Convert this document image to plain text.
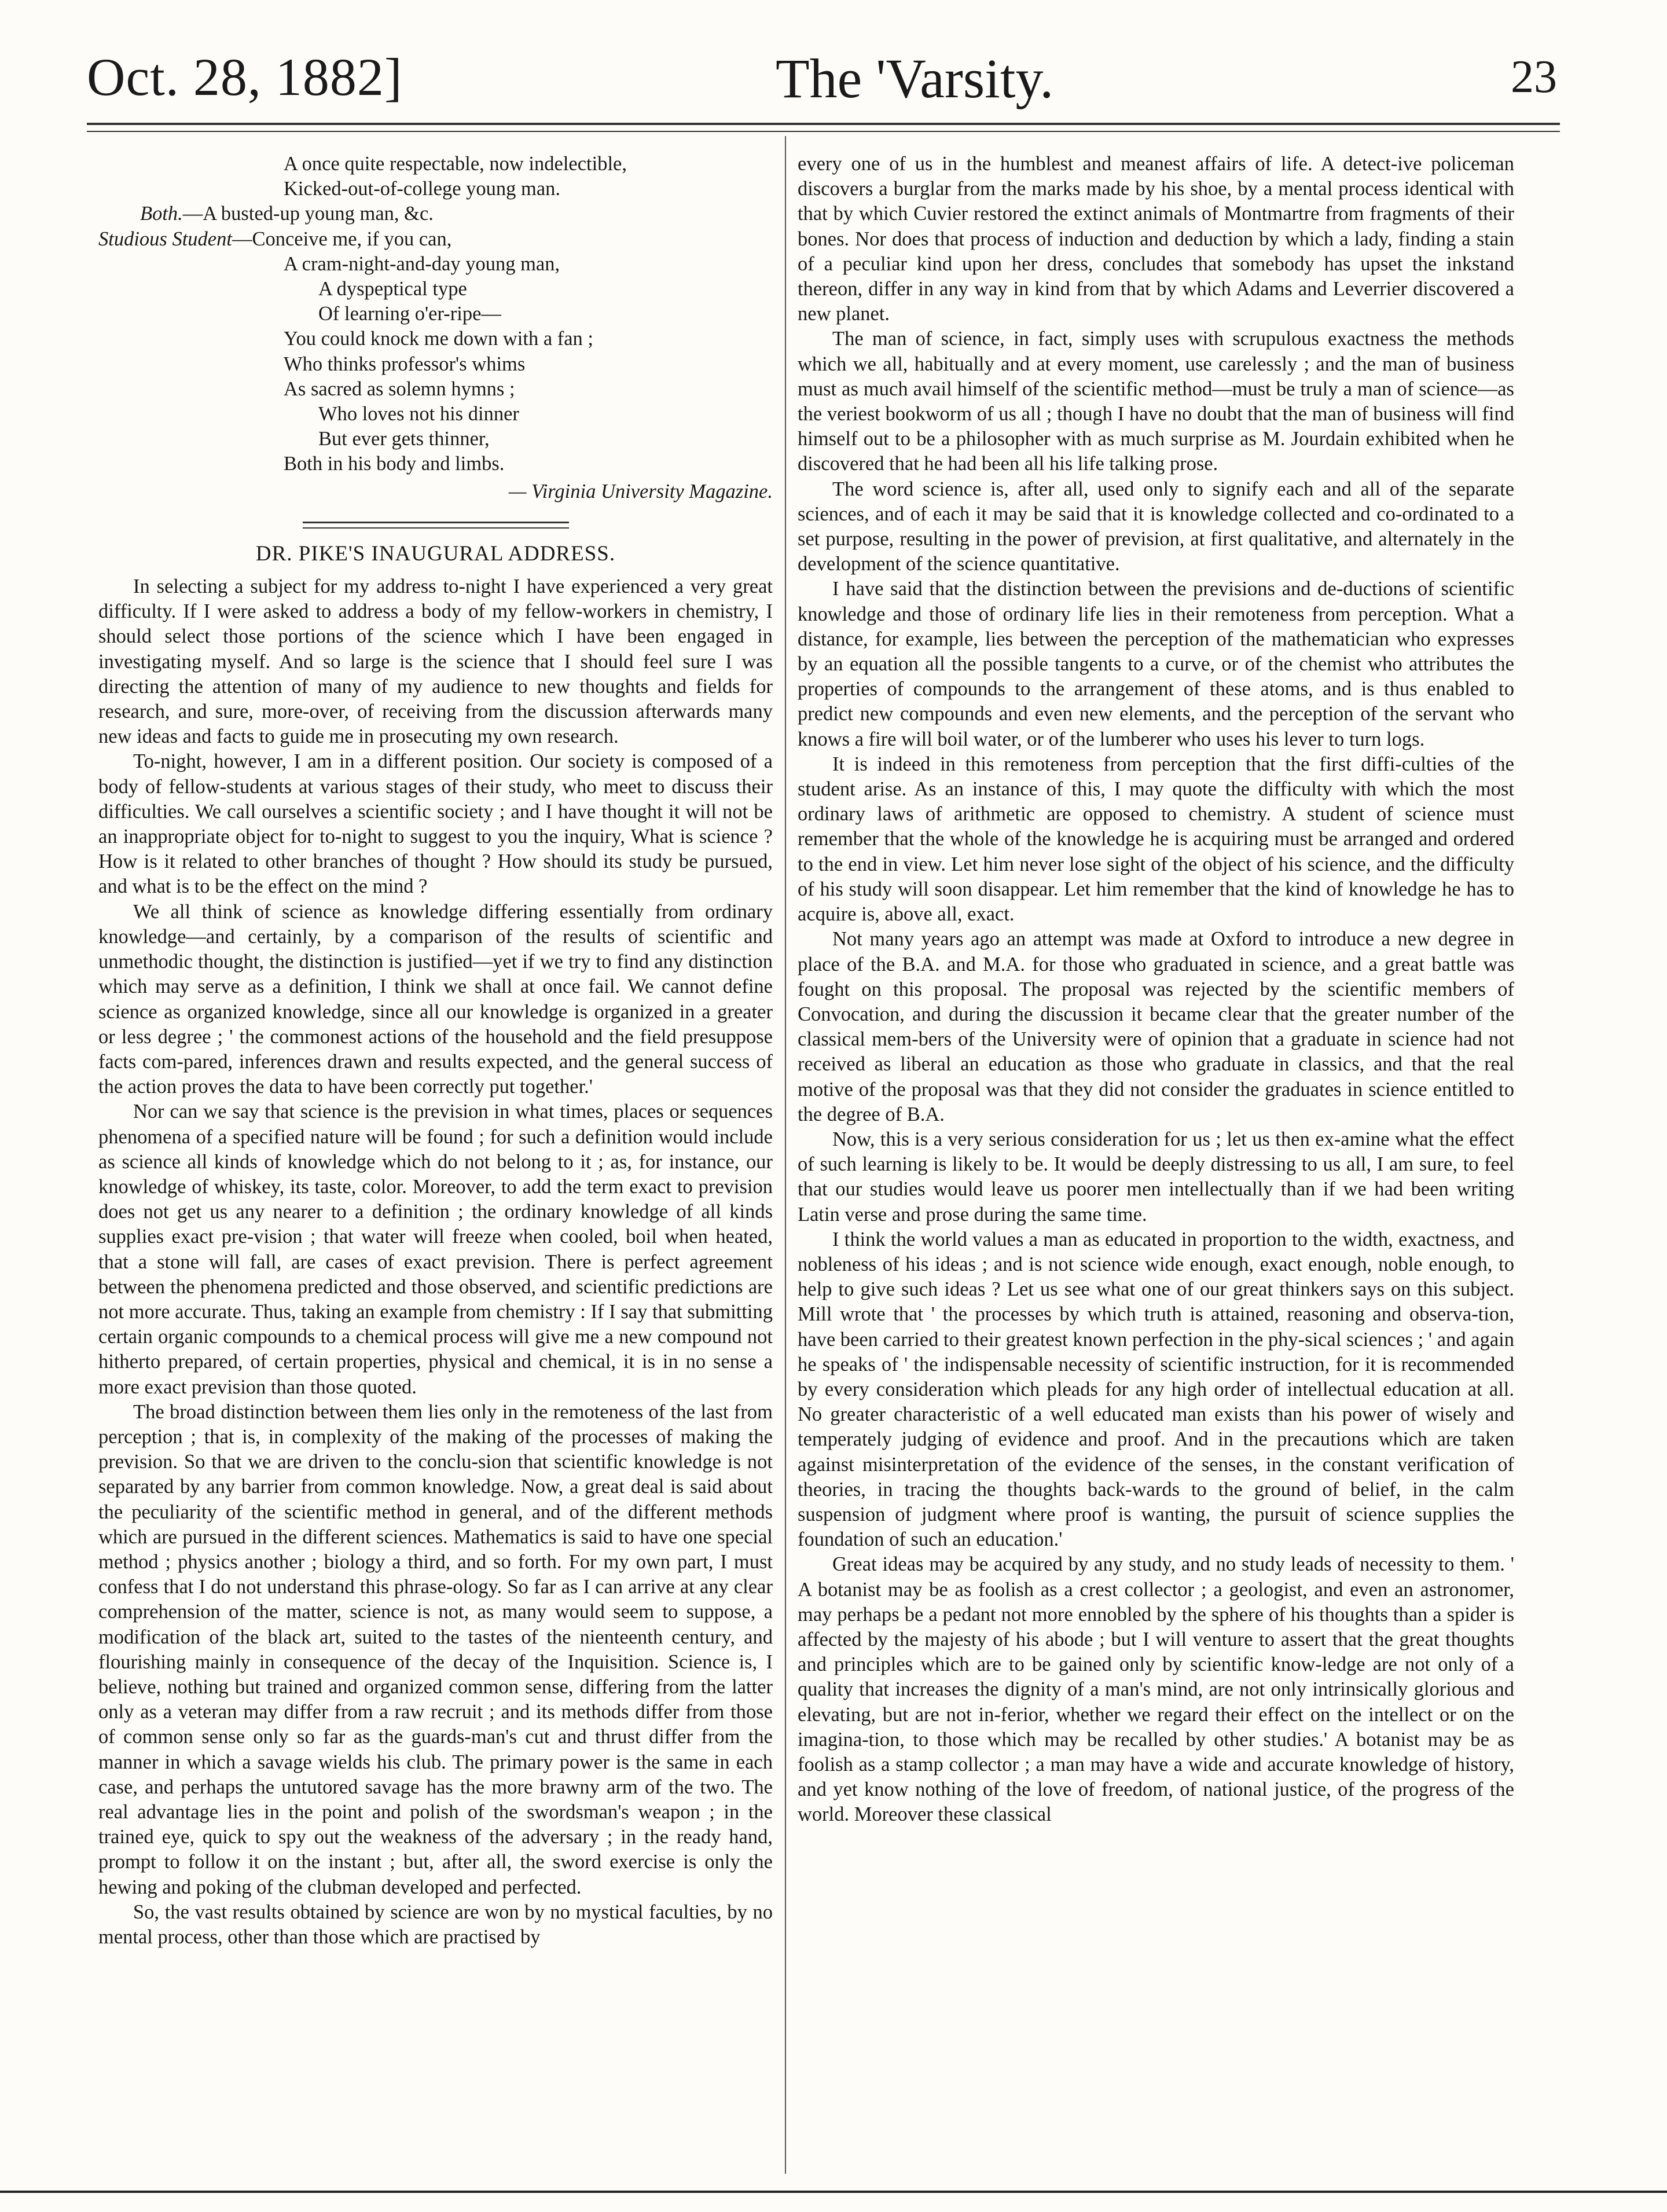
Oct. 28, 1882]	The 'Varsity.	23
A once quite respectable, now indelectible,
Kicked-out-of-college young man.
Both.—A busted-up young man, &c.
Studious Student—Conceive me, if you can,
A cram-night-and-day young man,
A dyspeptical type
Of learning o'er-ripe—
You could knock me down with a fan ;
Who thinks professor's whims
As sacred as solemn hymns ;
Who loves not his dinner
But ever gets thinner,
Both in his body and limbs.
— Virginia University Magazine.
DR. PIKE'S INAUGURAL ADDRESS.

In selecting a subject for my address to-night I have experienced a very great difficulty. If I were asked to address a body of my fellow-workers in chemistry, I should select those portions of the science which I have been engaged in investigating myself. And so large is the science that I should feel sure I was directing the attention of many of my audience to new thoughts and fields for research, and sure, more-over, of receiving from the discussion afterwards many new ideas and facts to guide me in prosecuting my own research.

To-night, however, I am in a different position. Our society is composed of a body of fellow-students at various stages of their study, who meet to discuss their difficulties. We call ourselves a scientific society ; and I have thought it will not be an inappropriate object for to-night to suggest to you the inquiry, What is science ? How is it related to other branches of thought ? How should its study be pursued, and what is to be the effect on the mind ?

We all think of science as knowledge differing essentially from ordinary knowledge—and certainly, by a comparison of the results of scientific and unmethodic thought, the distinction is justified—yet if we try to find any distinction which may serve as a definition, I think we shall at once fail. We cannot define science as organized knowledge, since all our knowledge is organized in a greater or less degree ; ' the commonest actions of the household and the field presuppose facts com-pared, inferences drawn and results expected, and the general success of the action proves the data to have been correctly put together.'

Nor can we say that science is the prevision in what times, places or sequences phenomena of a specified nature will be found ; for such a definition would include as science all kinds of knowledge which do not belong to it ; as, for instance, our knowledge of whiskey, its taste, color. Moreover, to add the term exact to prevision does not get us any nearer to a definition ; the ordinary knowledge of all kinds supplies exact pre-vision ; that water will freeze when cooled, boil when heated, that a stone will fall, are cases of exact prevision. There is perfect agreement between the phenomena predicted and those observed, and scientific predictions are not more accurate. Thus, taking an example from chemistry : If I say that submitting certain organic compounds to a chemical process will give me a new compound not hitherto prepared, of certain properties, physical and chemical, it is in no sense a more exact prevision than those quoted.

The broad distinction between them lies only in the remoteness of the last from perception ; that is, in complexity of the making of the processes of making the prevision. So that we are driven to the conclu-sion that scientific knowledge is not separated by any barrier from common knowledge. Now, a great deal is said about the peculiarity of the scientific method in general, and of the different methods which are pursued in the different sciences. Mathematics is said to have one special method ; physics another ; biology a third, and so forth. For my own part, I must confess that I do not understand this phrase-ology. So far as I can arrive at any clear comprehension of the matter, science is not, as many would seem to suppose, a modification of the black art, suited to the tastes of the nienteenth century, and flourishing mainly in consequence of the decay of the Inquisition. Science is, I believe, nothing but trained and organized common sense, differing from the latter only as a veteran may differ from a raw recruit ; and its methods differ from those of common sense only so far as the guards-man's cut and thrust differ from the manner in which a savage wields his club. The primary power is the same in each case, and perhaps the untutored savage has the more brawny arm of the two. The real advantage lies in the point and polish of the swordsman's weapon ; in the trained eye, quick to spy out the weakness of the adversary ; in the ready hand, prompt to follow it on the instant ; but, after all, the sword exercise is only the hewing and poking of the clubman developed and perfected.

So, the vast results obtained by science are won by no mystical faculties, by no mental process, other than those which are practised by

every one of us in the humblest and meanest affairs of life. A detect-ive policeman discovers a burglar from the marks made by his shoe, by a mental process identical with that by which Cuvier restored the extinct animals of Montmartre from fragments of their bones. Nor does that process of induction and deduction by which a lady, finding a stain of a peculiar kind upon her dress, concludes that somebody has upset the inkstand thereon, differ in any way in kind from that by which Adams and Leverrier discovered a new planet.

The man of science, in fact, simply uses with scrupulous exactness the methods which we all, habitually and at every moment, use carelessly ; and the man of business must as much avail himself of the scientific method—must be truly a man of science—as the veriest bookworm of us all ; though I have no doubt that the man of business will find himself out to be a philosopher with as much surprise as M. Jourdain exhibited when he discovered that he had been all his life talking prose.

The word science is, after all, used only to signify each and all of the separate sciences, and of each it may be said that it is knowledge collected and co-ordinated to a set purpose, resulting in the power of prevision, at first qualitative, and alternately in the development of the science quantitative.

I have said that the distinction between the previsions and de-ductions of scientific knowledge and those of ordinary life lies in their remoteness from perception. What a distance, for example, lies between the perception of the mathematician who expresses by an equation all the possible tangents to a curve, or of the chemist who attributes the properties of compounds to the arrangement of these atoms, and is thus enabled to predict new compounds and even new elements, and the perception of the servant who knows a fire will boil water, or of the lumberer who uses his lever to turn logs.

It is indeed in this remoteness from perception that the first diffi-culties of the student arise. As an instance of this, I may quote the difficulty with which the most ordinary laws of arithmetic are opposed to chemistry. A student of science must remember that the whole of the knowledge he is acquiring must be arranged and ordered to the end in view. Let him never lose sight of the object of his science, and the difficulty of his study will soon disappear. Let him remember that the kind of knowledge he has to acquire is, above all, exact.

Not many years ago an attempt was made at Oxford to introduce a new degree in place of the B.A. and M.A. for those who graduated in science, and a great battle was fought on this proposal. The proposal was rejected by the scientific members of Convocation, and during the discussion it became clear that the greater number of the classical mem-bers of the University were of opinion that a graduate in science had not received as liberal an education as those who graduate in classics, and that the real motive of the proposal was that they did not consider the graduates in science entitled to the degree of B.A.

Now, this is a very serious consideration for us ; let us then ex-amine what the effect of such learning is likely to be. It would be deeply distressing to us all, I am sure, to feel that our studies would leave us poorer men intellectually than if we had been writing Latin verse and prose during the same time.

I think the world values a man as educated in proportion to the width, exactness, and nobleness of his ideas ; and is not science wide enough, exact enough, noble enough, to help to give such ideas ? Let us see what one of our great thinkers says on this subject. Mill wrote that ' the processes by which truth is attained, reasoning and observa-tion, have been carried to their greatest known perfection in the phy-sical sciences ; ' and again he speaks of ' the indispensable necessity of scientific instruction, for it is recommended by every consideration which pleads for any high order of intellectual education at all. No greater characteristic of a well educated man exists than his power of wisely and temperately judging of evidence and proof. And in the precautions which are taken against misinterpretation of the evidence of the senses, in the constant verification of theories, in tracing the thoughts back-wards to the ground of belief, in the calm suspension of judgment where proof is wanting, the pursuit of science supplies the foundation of such an education.'

Great ideas may be acquired by any study, and no study leads of necessity to them. ' A botanist may be as foolish as a crest collector ; a geologist, and even an astronomer, may perhaps be a pedant not more ennobled by the sphere of his thoughts than a spider is affected by the majesty of his abode ; but I will venture to assert that the great thoughts and principles which are to be gained only by scientific know-ledge are not only of a quality that increases the dignity of a man's mind, are not only intrinsically glorious and elevating, but are not in-ferior, whether we regard their effect on the intellect or on the imagina-tion, to those which may be recalled by other studies.' A botanist may be as foolish as a stamp collector ; a man may have a wide and accurate knowledge of history, and yet know nothing of the love of freedom, of national justice, of the progress of the world. Moreover these classical
